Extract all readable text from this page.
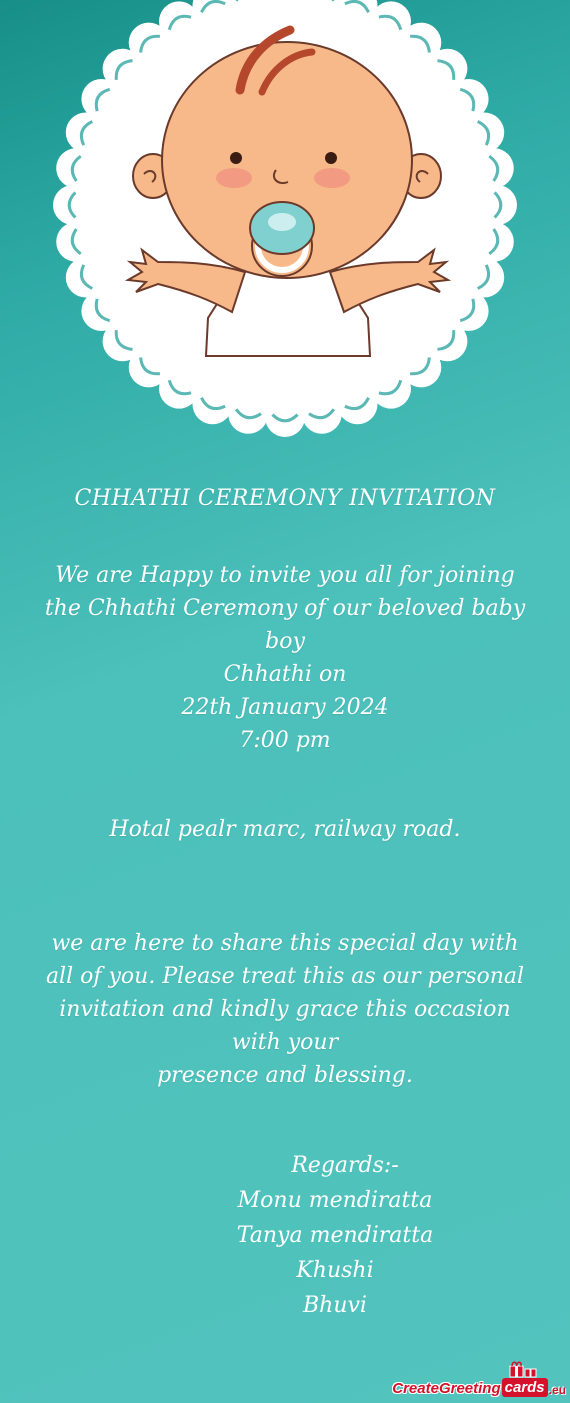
CHHATHI CEREMONY INVITATION
We are Happy to invite you all for joining
the Chhathi Ceremony of our beloved baby
boy
Chhathi on
22th January 2024
7:00 pm
Hotal pealr marc, railway road.
we are here to share this special day with
all of you. Please treat this as our personal
invitation and kindly grace this occasion
with your
presence and blessing.
Regards:-
Monu mendiratta
Tanya mendiratta
Khushi
Bhuvi
CreateGreeting cards .eu
